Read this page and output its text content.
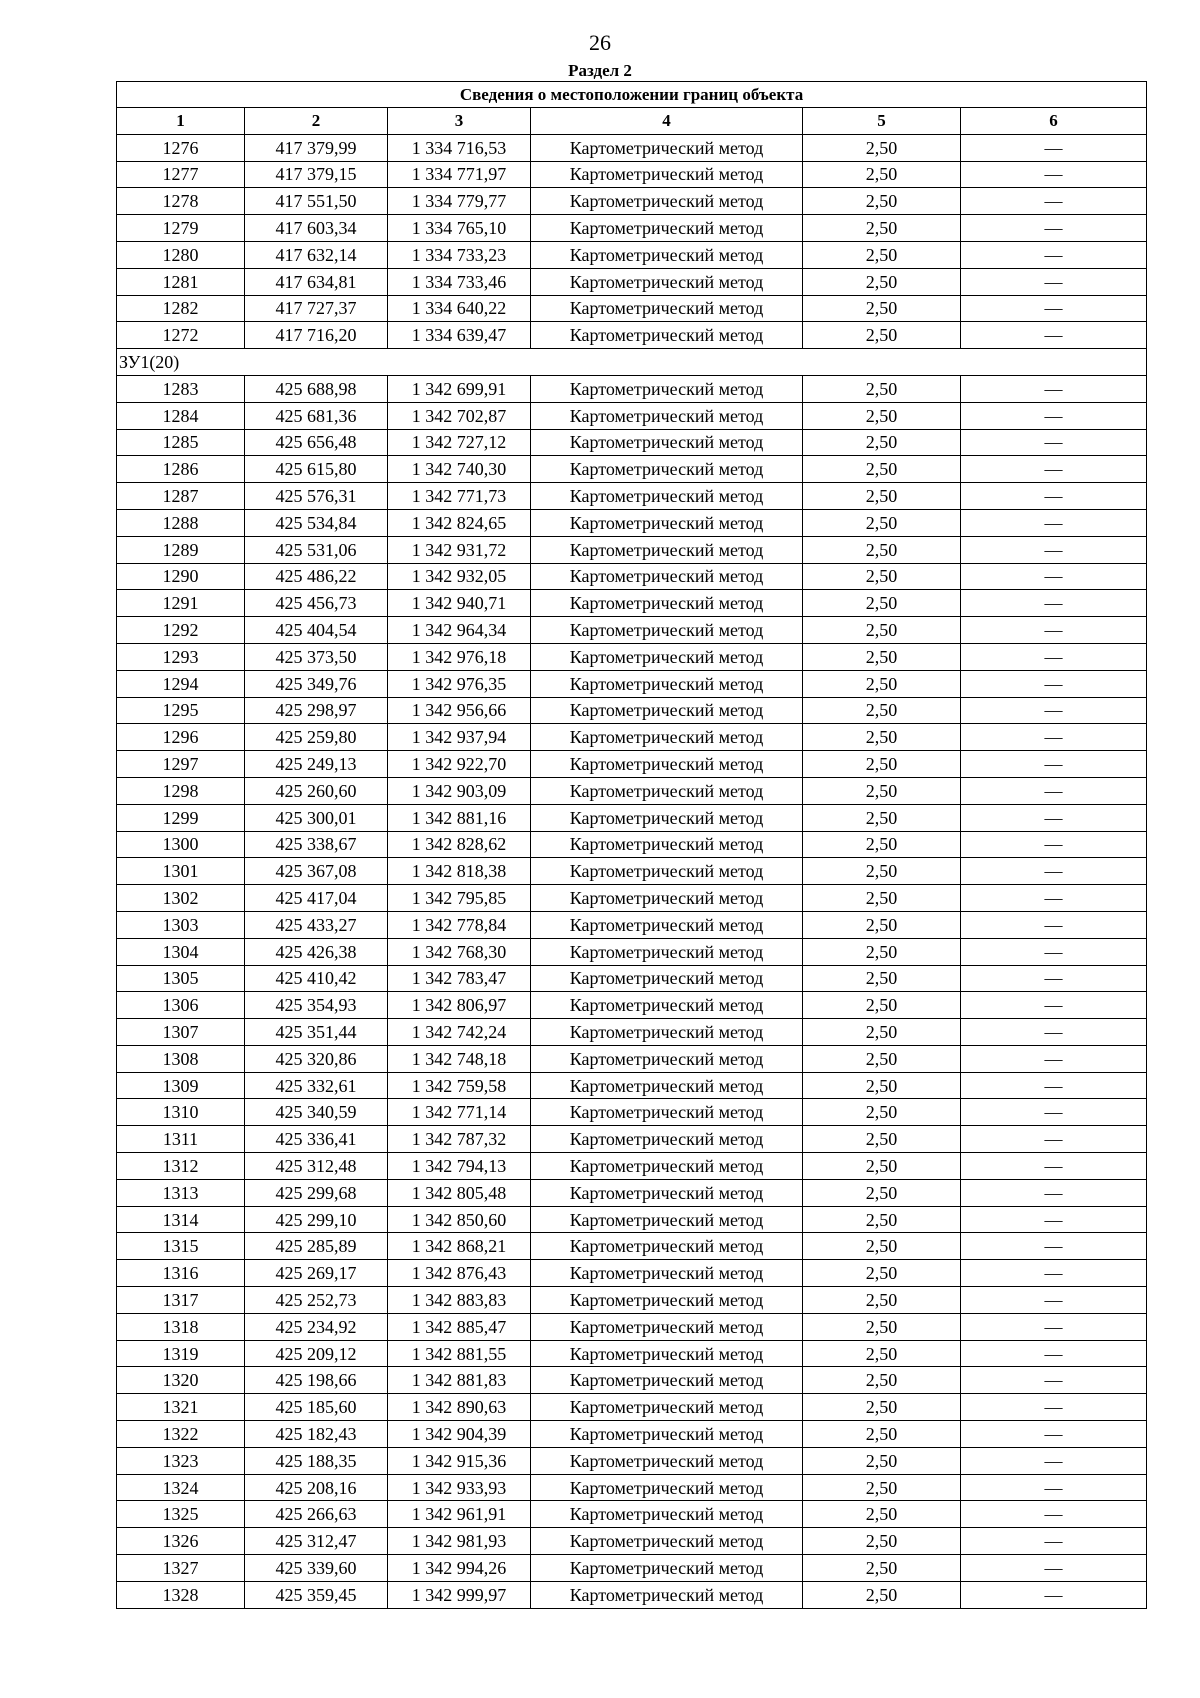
26
Раздел 2
Сведения о местоположении границ объекта					
1	2	3	4	5	6
1276	417 379,99	1 334 716,53	Картометрический метод	2,50	—
1277	417 379,15	1 334 771,97	Картометрический метод	2,50	—
1278	417 551,50	1 334 779,77	Картометрический метод	2,50	—
1279	417 603,34	1 334 765,10	Картометрический метод	2,50	—
1280	417 632,14	1 334 733,23	Картометрический метод	2,50	—
1281	417 634,81	1 334 733,46	Картометрический метод	2,50	—
1282	417 727,37	1 334 640,22	Картометрический метод	2,50	—
1272	417 716,20	1 334 639,47	Картометрический метод	2,50	—
ЗУ1(20)					
1283	425 688,98	1 342 699,91	Картометрический метод	2,50	—
1284	425 681,36	1 342 702,87	Картометрический метод	2,50	—
1285	425 656,48	1 342 727,12	Картометрический метод	2,50	—
1286	425 615,80	1 342 740,30	Картометрический метод	2,50	—
1287	425 576,31	1 342 771,73	Картометрический метод	2,50	—
1288	425 534,84	1 342 824,65	Картометрический метод	2,50	—
1289	425 531,06	1 342 931,72	Картометрический метод	2,50	—
1290	425 486,22	1 342 932,05	Картометрический метод	2,50	—
1291	425 456,73	1 342 940,71	Картометрический метод	2,50	—
1292	425 404,54	1 342 964,34	Картометрический метод	2,50	—
1293	425 373,50	1 342 976,18	Картометрический метод	2,50	—
1294	425 349,76	1 342 976,35	Картометрический метод	2,50	—
1295	425 298,97	1 342 956,66	Картометрический метод	2,50	—
1296	425 259,80	1 342 937,94	Картометрический метод	2,50	—
1297	425 249,13	1 342 922,70	Картометрический метод	2,50	—
1298	425 260,60	1 342 903,09	Картометрический метод	2,50	—
1299	425 300,01	1 342 881,16	Картометрический метод	2,50	—
1300	425 338,67	1 342 828,62	Картометрический метод	2,50	—
1301	425 367,08	1 342 818,38	Картометрический метод	2,50	—
1302	425 417,04	1 342 795,85	Картометрический метод	2,50	—
1303	425 433,27	1 342 778,84	Картометрический метод	2,50	—
1304	425 426,38	1 342 768,30	Картометрический метод	2,50	—
1305	425 410,42	1 342 783,47	Картометрический метод	2,50	—
1306	425 354,93	1 342 806,97	Картометрический метод	2,50	—
1307	425 351,44	1 342 742,24	Картометрический метод	2,50	—
1308	425 320,86	1 342 748,18	Картометрический метод	2,50	—
1309	425 332,61	1 342 759,58	Картометрический метод	2,50	—
1310	425 340,59	1 342 771,14	Картометрический метод	2,50	—
1311	425 336,41	1 342 787,32	Картометрический метод	2,50	—
1312	425 312,48	1 342 794,13	Картометрический метод	2,50	—
1313	425 299,68	1 342 805,48	Картометрический метод	2,50	—
1314	425 299,10	1 342 850,60	Картометрический метод	2,50	—
1315	425 285,89	1 342 868,21	Картометрический метод	2,50	—
1316	425 269,17	1 342 876,43	Картометрический метод	2,50	—
1317	425 252,73	1 342 883,83	Картометрический метод	2,50	—
1318	425 234,92	1 342 885,47	Картометрический метод	2,50	—
1319	425 209,12	1 342 881,55	Картометрический метод	2,50	—
1320	425 198,66	1 342 881,83	Картометрический метод	2,50	—
1321	425 185,60	1 342 890,63	Картометрический метод	2,50	—
1322	425 182,43	1 342 904,39	Картометрический метод	2,50	—
1323	425 188,35	1 342 915,36	Картометрический метод	2,50	—
1324	425 208,16	1 342 933,93	Картометрический метод	2,50	—
1325	425 266,63	1 342 961,91	Картометрический метод	2,50	—
1326	425 312,47	1 342 981,93	Картометрический метод	2,50	—
1327	425 339,60	1 342 994,26	Картометрический метод	2,50	—
1328	425 359,45	1 342 999,97	Картометрический метод	2,50	—
